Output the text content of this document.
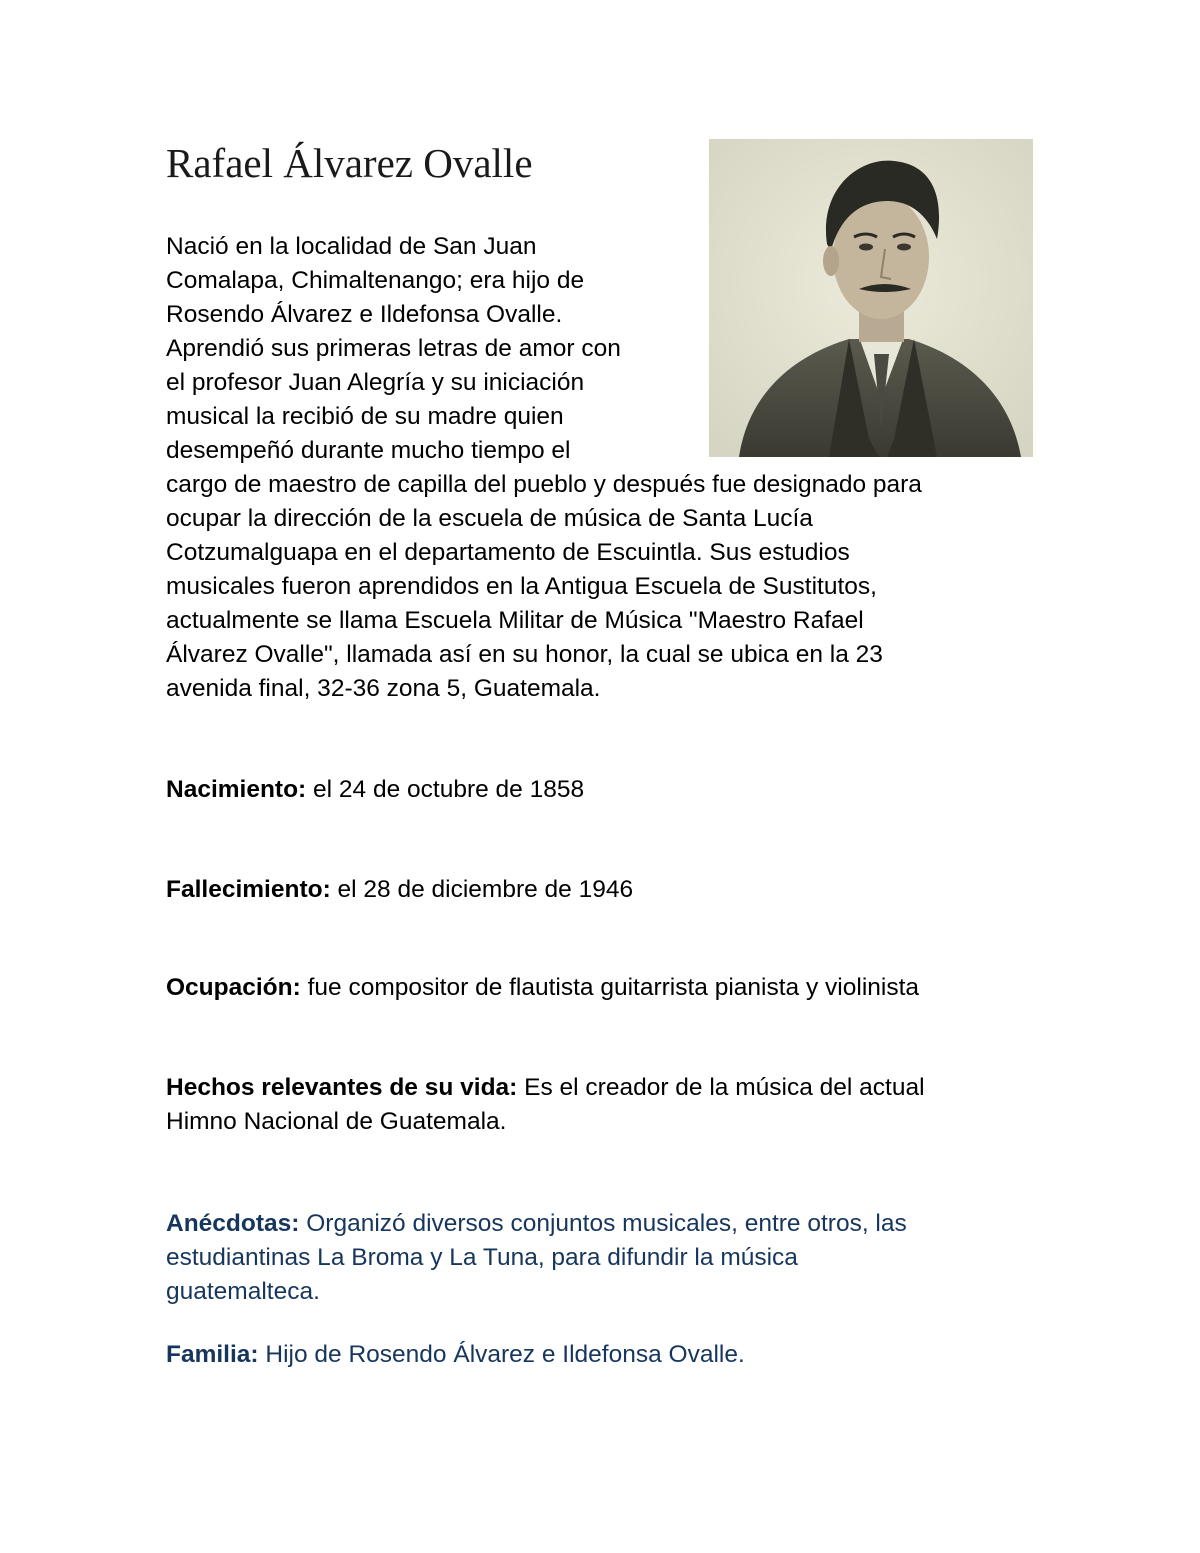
Rafael Álvarez Ovalle
Nació en la localidad de San Juan
Comalapa, Chimaltenango; era hijo de
Rosendo Álvarez e Ildefonsa Ovalle.
Aprendió sus primeras letras de amor con
el profesor Juan Alegría y su iniciación
musical la recibió de su madre quien
desempeñó durante mucho tiempo el
cargo de maestro de capilla del pueblo y después fue designado para
ocupar la dirección de la escuela de música de Santa Lucía
Cotzumalguapa en el departamento de Escuintla. Sus estudios
musicales fueron aprendidos en la Antigua Escuela de Sustitutos,
actualmente se llama Escuela Militar de Música "Maestro Rafael
Álvarez Ovalle", llamada así en su honor, la cual se ubica en la 23
avenida final, 32-36 zona 5, Guatemala.

Nacimiento: el 24 de octubre de 1858

Fallecimiento: el 28 de diciembre de 1946

Ocupación: fue compositor de flautista guitarrista pianista y violinista

Hechos relevantes de su vida: Es el creador de la música del actual
Himno Nacional de Guatemala.

Anécdotas: Organizó diversos conjuntos musicales, entre otros, las
estudiantinas La Broma y La Tuna, para difundir la música
guatemalteca.

Familia: Hijo de Rosendo Álvarez e Ildefonsa Ovalle.
